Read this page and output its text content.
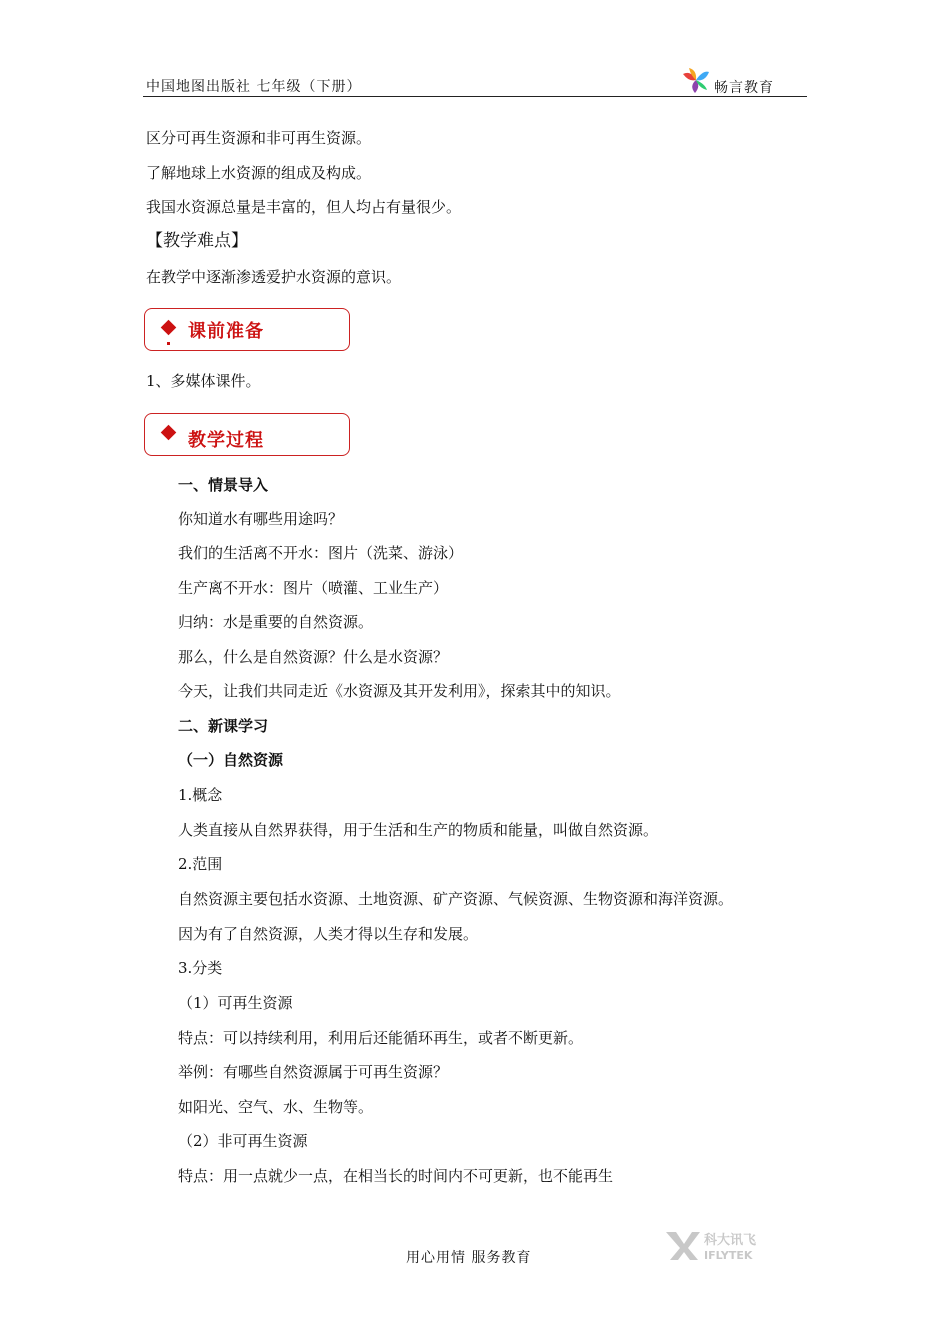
中国地图出版社 七年级（下册）	畅言教育
区分可再生资源和非可再生资源。
了解地球上水资源的组成及构成。
我国水资源总量是丰富的，但人均占有量很少。
【教学难点】
在教学中逐渐渗透爱护水资源的意识。
课前准备
1、多媒体课件。
教学过程
一、情景导入
你知道水有哪些用途吗？
我们的生活离不开水：图片（洗菜、游泳）
生产离不开水：图片（喷灌、工业生产）
归纳：水是重要的自然资源。
那么，什么是自然资源？什么是水资源？
今天，让我们共同走近《水资源及其开发利用》，探索其中的知识。
二、新课学习
（一）自然资源
1.概念
人类直接从自然界获得，用于生活和生产的物质和能量，叫做自然资源。
2.范围
自然资源主要包括水资源、土地资源、矿产资源、气候资源、生物资源和海洋资源。
因为有了自然资源，人类才得以生存和发展。
3.分类
（1）可再生资源
特点：可以持续利用，利用后还能循环再生，或者不断更新。
举例：有哪些自然资源属于可再生资源？
如阳光、空气、水、生物等。
（2）非可再生资源
特点：用一点就少一点，在相当长的时间内不可更新，也不能再生
用心用情 服务教育
科大讯飞
IFLYTEK
